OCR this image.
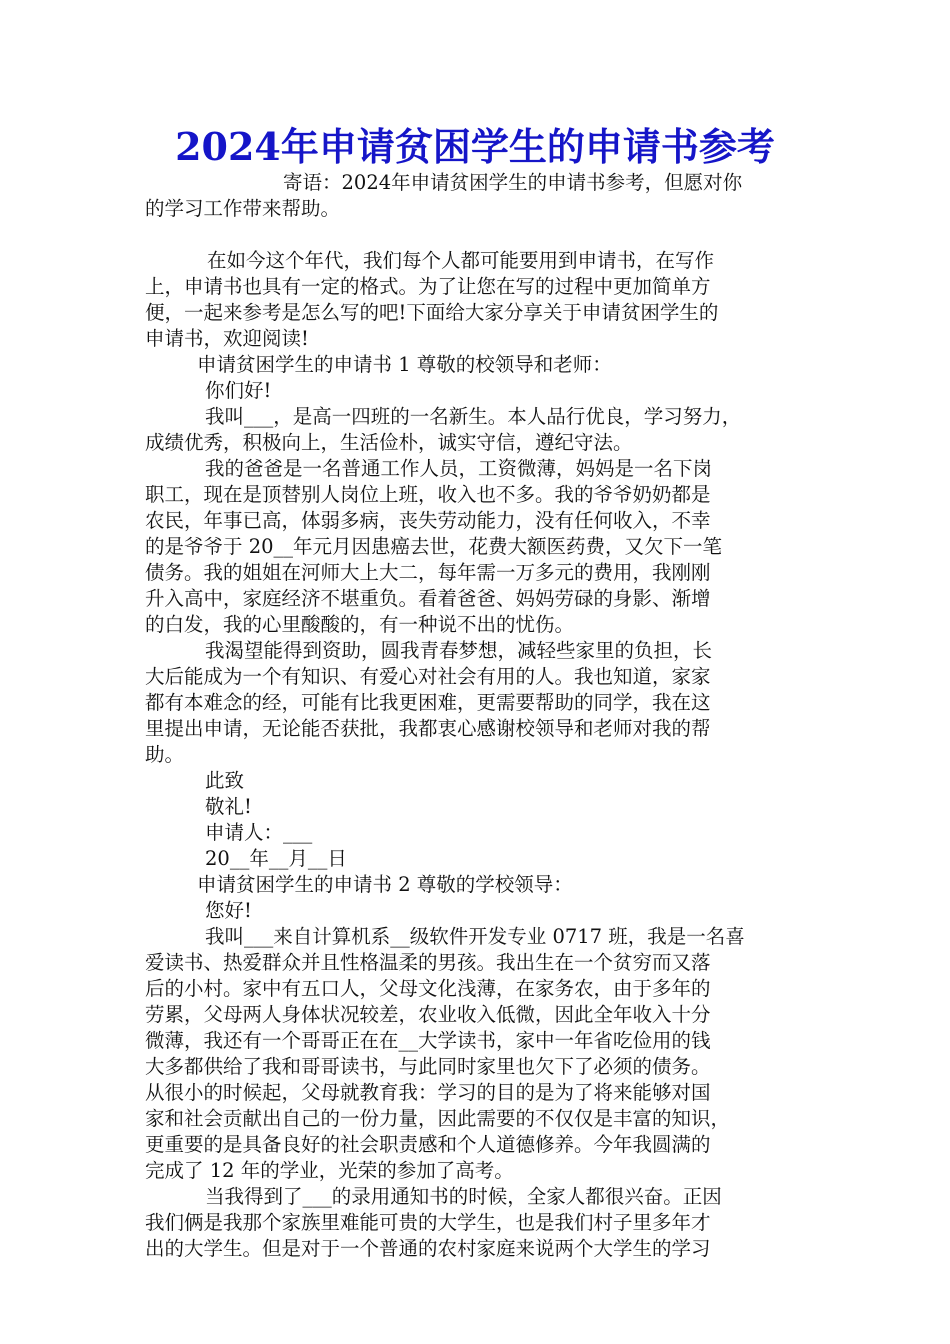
2024年申请贫困学生的申请书参考
寄语：2024年申请贫困学生的申请书参考，但愿对你
的学习工作带来帮助。
在如今这个年代，我们每个人都可能要用到申请书，在写作
上，申请书也具有一定的格式。为了让您在写的过程中更加简单方
便，一起来参考是怎么写的吧!下面给大家分享关于申请贫困学生的
申请书，欢迎阅读!
申请贫困学生的申请书 1 尊敬的校领导和老师：
你们好!
我叫___，是高一四班的一名新生。本人品行优良，学习努力，
成绩优秀，积极向上，生活俭朴，诚实守信，遵纪守法。
我的爸爸是一名普通工作人员，工资微薄，妈妈是一名下岗
职工，现在是顶替别人岗位上班，收入也不多。我的爷爷奶奶都是
农民，年事已高，体弱多病，丧失劳动能力，没有任何收入，不幸
的是爷爷于 20__年元月因患癌去世，花费大额医药费，又欠下一笔
债务。我的姐姐在河师大上大二，每年需一万多元的费用，我刚刚
升入高中，家庭经济不堪重负。看着爸爸、妈妈劳碌的身影、渐增
的白发，我的心里酸酸的，有一种说不出的忧伤。
我渴望能得到资助，圆我青春梦想，减轻些家里的负担，长
大后能成为一个有知识、有爱心对社会有用的人。我也知道，家家
都有本难念的经，可能有比我更困难，更需要帮助的同学，我在这
里提出申请，无论能否获批，我都衷心感谢校领导和老师对我的帮
助。
此致
敬礼!
申请人：___
20__年__月__日
申请贫困学生的申请书 2 尊敬的学校领导：
您好!
我叫___来自计算机系__级软件开发专业 0717 班，我是一名喜
爱读书、热爱群众并且性格温柔的男孩。我出生在一个贫穷而又落
后的小村。家中有五口人，父母文化浅薄，在家务农，由于多年的
劳累，父母两人身体状况较差，农业收入低微，因此全年收入十分
微薄，我还有一个哥哥正在在__大学读书，家中一年省吃俭用的钱
大多都供给了我和哥哥读书，与此同时家里也欠下了必须的债务。
从很小的时候起，父母就教育我：学习的目的是为了将来能够对国
家和社会贡献出自己的一份力量，因此需要的不仅仅是丰富的知识，
更重要的是具备良好的社会职责感和个人道德修养。今年我圆满的
完成了 12 年的学业，光荣的参加了高考。
当我得到了___的录用通知书的时候，全家人都很兴奋。正因
我们俩是我那个家族里难能可贵的大学生，也是我们村子里多年才
出的大学生。但是对于一个普通的农村家庭来说两个大学生的学习
